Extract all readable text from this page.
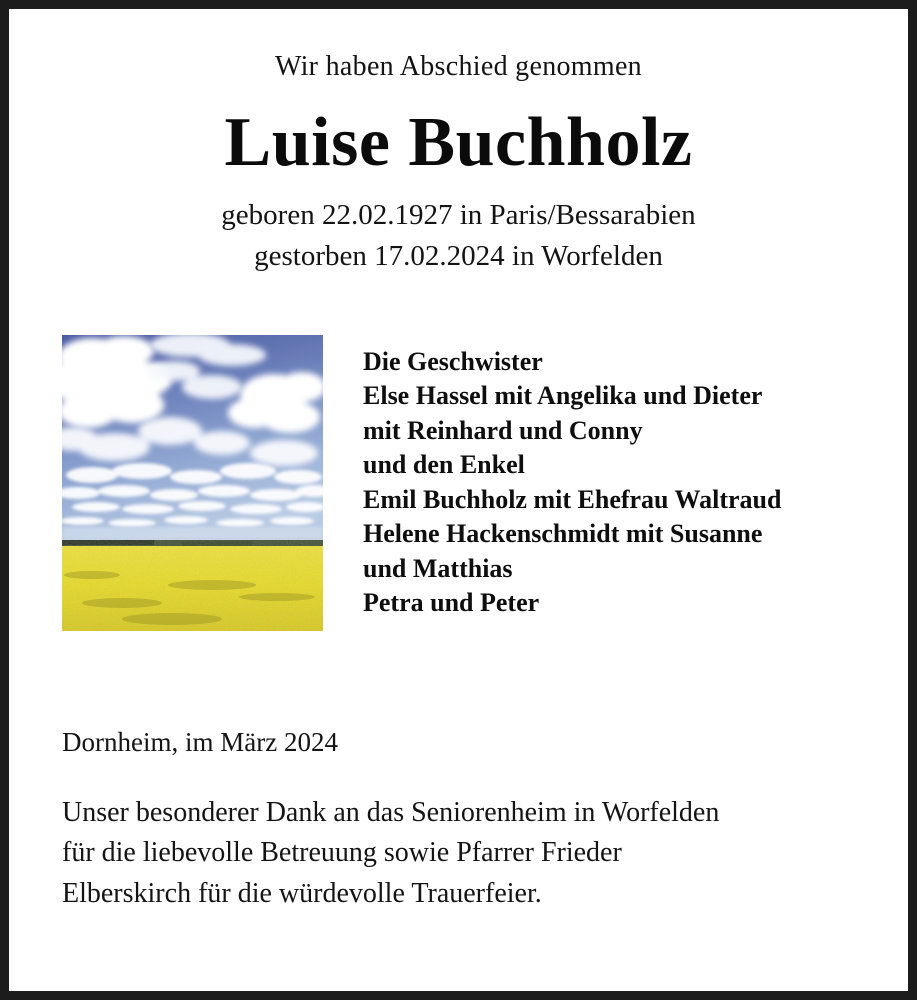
Wir haben Abschied genommen
Luise Buchholz
geboren 22.02.1927 in Paris/Bessarabien
gestorben 17.02.2024 in Worfelden
Die Geschwister
Else Hassel mit Angelika und Dieter
mit Reinhard und Conny
und den Enkel
Emil Buchholz mit Ehefrau Waltraud
Helene Hackenschmidt mit Susanne
und Matthias
Petra und Peter
Dornheim, im März 2024
Unser besonderer Dank an das Seniorenheim in Worfelden
für die liebevolle Betreuung sowie Pfarrer Frieder
Elberskirch für die würdevolle Trauerfeier.
